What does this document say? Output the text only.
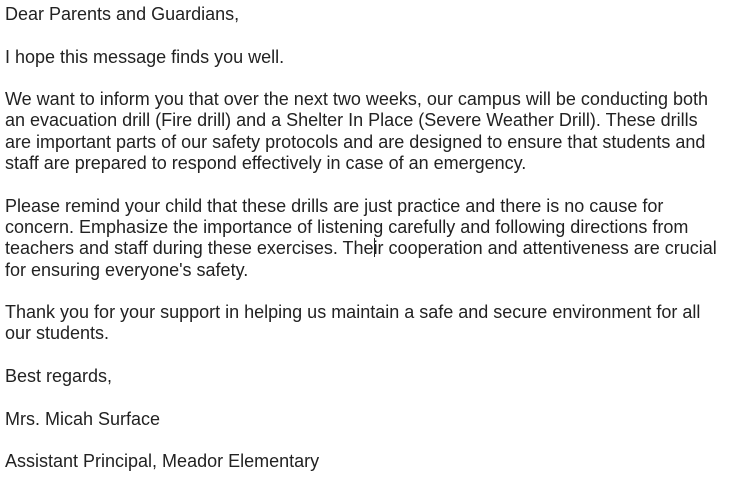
Dear Parents and Guardians,

I hope this message finds you well.

We want to inform you that over the next two weeks, our campus will be conducting both an evacuation drill (Fire drill) and a Shelter In Place (Severe Weather Drill). These drills are important parts of our safety protocols and are designed to ensure that students and staff are prepared to respond effectively in case of an emergency.

Please remind your child that these drills are just practice and there is no cause for concern. Emphasize the importance of listening carefully and following directions from teachers and staff during these exercises. Their cooperation and attentiveness are crucial for ensuring everyone's safety.

Thank you for your support in helping us maintain a safe and secure environment for all our students.

Best regards,

Mrs. Micah Surface

Assistant Principal, Meador Elementary
